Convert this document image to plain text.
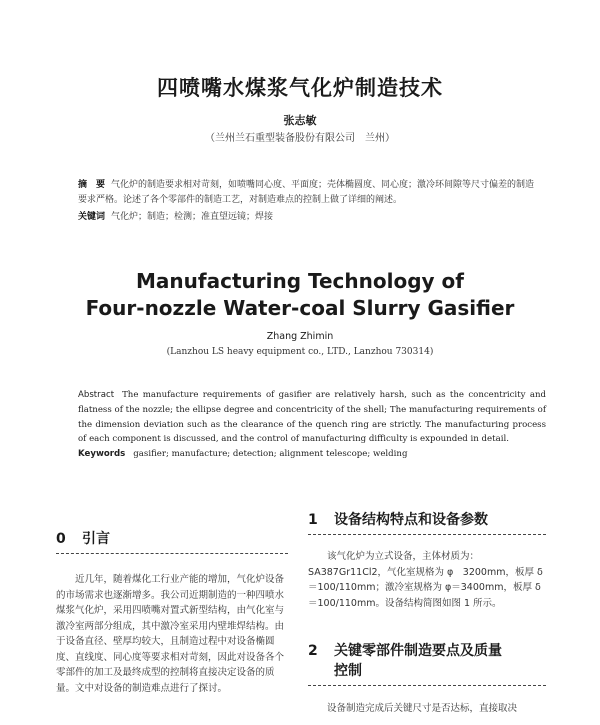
四喷嘴水煤浆气化炉制造技术
张志敏
（兰州兰石重型装备股份有限公司　兰州）
摘　要 气化炉的制造要求相对苛刻，如喷嘴同心度、平面度；壳体椭圆度、同心度；激冷环间隙等尺寸偏差的制造要求严格。论述了各个零部件的制造工艺，对制造难点的控制上做了详细的阐述。
关键词 气化炉；制造；检测；准直望远镜；焊接
Manufacturing Technology of
Four-nozzle Water-coal Slurry Gasifier
Zhang Zhimin
(Lanzhou LS heavy equipment co., LTD., Lanzhou 730314)
Abstract The manufacture requirements of gasifier are relatively harsh, such as the concentricity and flatness of the nozzle; the ellipse degree and concentricity of the shell; The manufacturing requirements of the dimension deviation such as the clearance of the quench ring are strictly. The manufacturing process of each component is discussed, and the control of manufacturing difficulty is expounded in detail.
Keywords gasifier; manufacture; detection; alignment telescope; welding
0 引言
近几年，随着煤化工行业产能的增加，气化炉设备的市场需求也逐渐增多。我公司近期制造的一种四喷水煤浆气化炉，采用四喷嘴对置式新型结构，由气化室与激冷室两部分组成，其中激冷室采用内壁堆焊结构。由于设备直径、壁厚均较大，且制造过程中对设备椭圆度、直线度、同心度等要求相对苛刻，因此对设备各个零部件的加工及最终成型的控制将直接决定设备的质量。文中对设备的制造难点进行了探讨。
1 设备结构特点和设备参数
该气化炉为立式设备，主体材质为：SA387Gr11Cl2，气化室规格为 φ　3200mm，板厚 δ＝100/110mm；激冷室规格为 φ＝3400mm，板厚 δ＝100/110mm。设备结构简图如图 1 所示。
2 关键零部件制造要点及质量
控制
设备制造完成后关键尺寸是否达标，直接取决
